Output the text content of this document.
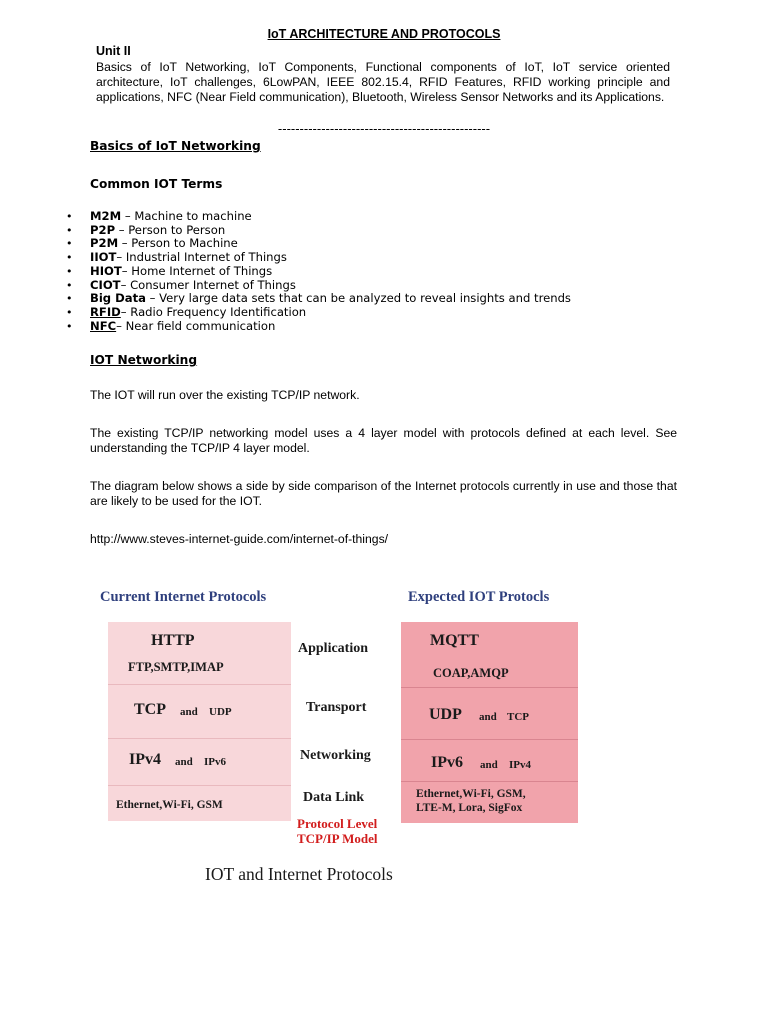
IoT ARCHITECTURE AND PROTOCOLS
Unit II
Basics of IoT Networking, IoT Components, Functional components of IoT, IoT service oriented architecture, IoT challenges, 6LowPAN, IEEE 802.15.4, RFID Features, RFID working principle and applications, NFC (Near Field communication), Bluetooth, Wireless Sensor Networks and its Applications.
-------------------------------------------------
Basics of IoT Networking
Common IOT Terms
• M2M – Machine to machine
• P2P – Person to Person
• P2M – Person to Machine
• IIOT– Industrial Internet of Things
• HIOT– Home Internet of Things
• CIOT– Consumer Internet of Things
• Big Data – Very large data sets that can be analyzed to reveal insights and trends
• RFID– Radio Frequency Identification
• NFC– Near field communication
IOT Networking
The IOT will run over the existing TCP/IP network.
The existing TCP/IP networking model uses a 4 layer model with protocols defined at each level. See understanding the TCP/IP 4 layer model.
The diagram below shows a side by side comparison of the Internet protocols currently in use and those that are likely to be used for the IOT.
http://www.steves-internet-guide.com/internet-of-things/
Current Internet Protocols	Expected IOT Protocls
HTTP
FTP,SMTP,IMAP
TCP and UDP
IPv4 and IPv6
Ethernet,Wi-Fi, GSM
Application
Transport
Networking
Data Link
MQTT
COAP,AMQP
UDP and TCP
IPv6 and IPv4
Ethernet,Wi-Fi, GSM,
LTE-M, Lora, SigFox
Protocol Level
TCP/IP Model
IOT and Internet Protocols
